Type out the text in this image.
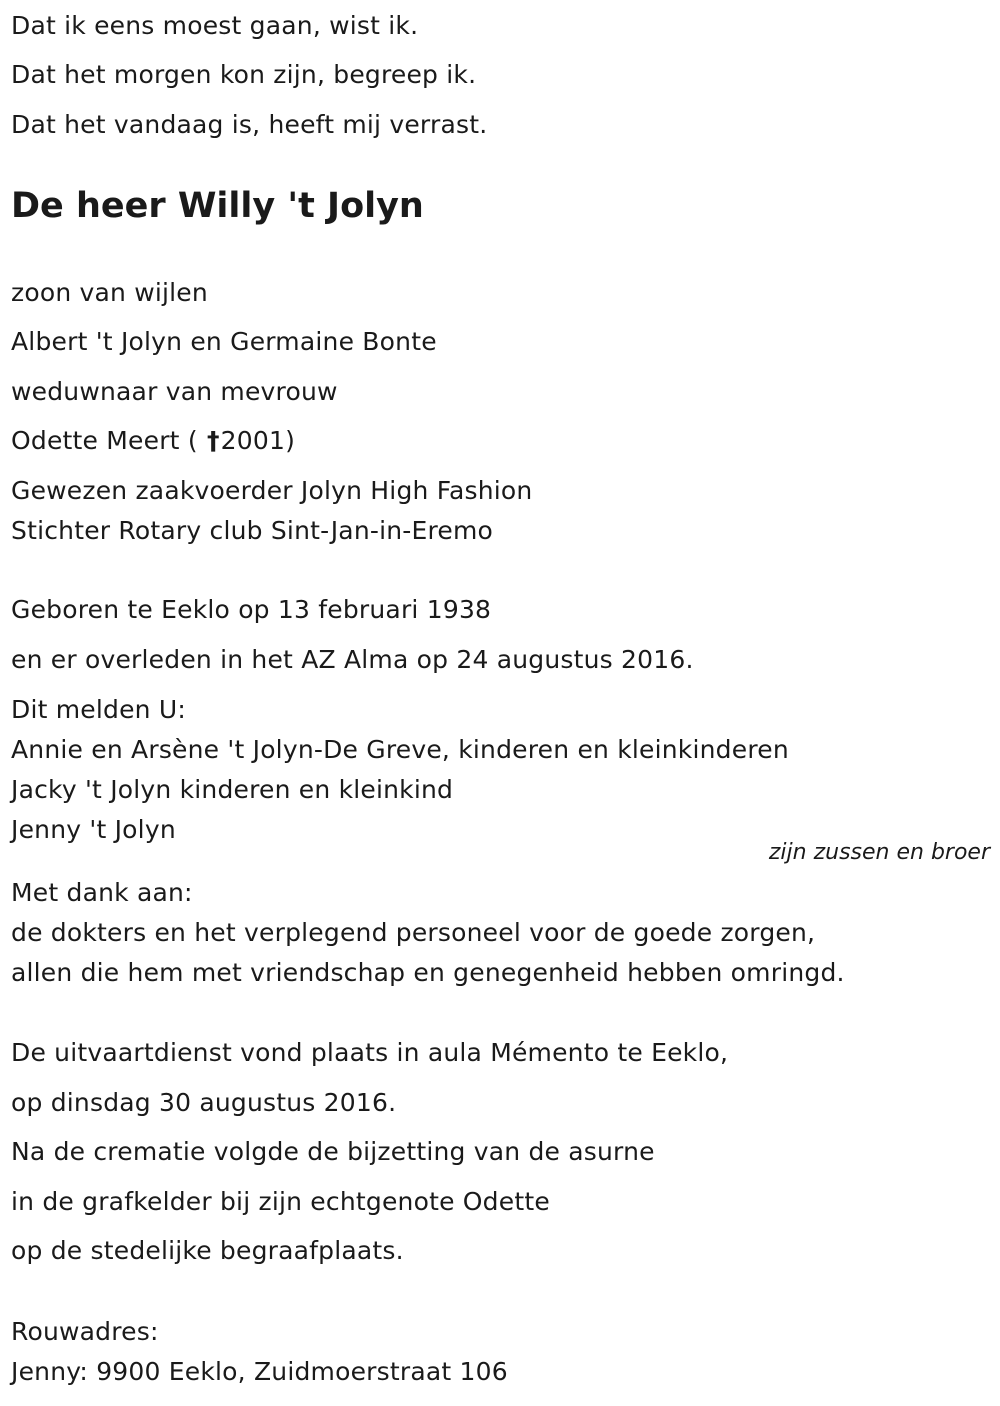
Dat ik eens moest gaan, wist ik.
Dat het morgen kon zijn, begreep ik.
Dat het vandaag is, heeft mij verrast.
De heer Willy 't Jolyn
zoon van wijlen
Albert 't Jolyn en Germaine Bonte
weduwnaar van mevrouw
Odette Meert ( †2001)
Gewezen zaakvoerder Jolyn High Fashion
Stichter Rotary club Sint-Jan-in-Eremo
Geboren te Eeklo op 13 februari 1938
en er overleden in het AZ Alma op 24 augustus 2016.
Dit melden U:
Annie en Arsène 't Jolyn-De Greve, kinderen en kleinkinderen
Jacky 't Jolyn kinderen en kleinkind
Jenny 't Jolyn
zijn zussen en broer
Met dank aan:
de dokters en het verplegend personeel voor de goede zorgen,
allen die hem met vriendschap en genegenheid hebben omringd.
De uitvaartdienst vond plaats in aula Mémento te Eeklo,
op dinsdag 30 augustus 2016.
Na de crematie volgde de bijzetting van de asurne
in de grafkelder bij zijn echtgenote Odette
op de stedelijke begraafplaats.
Rouwadres:
Jenny: 9900 Eeklo, Zuidmoerstraat 106
